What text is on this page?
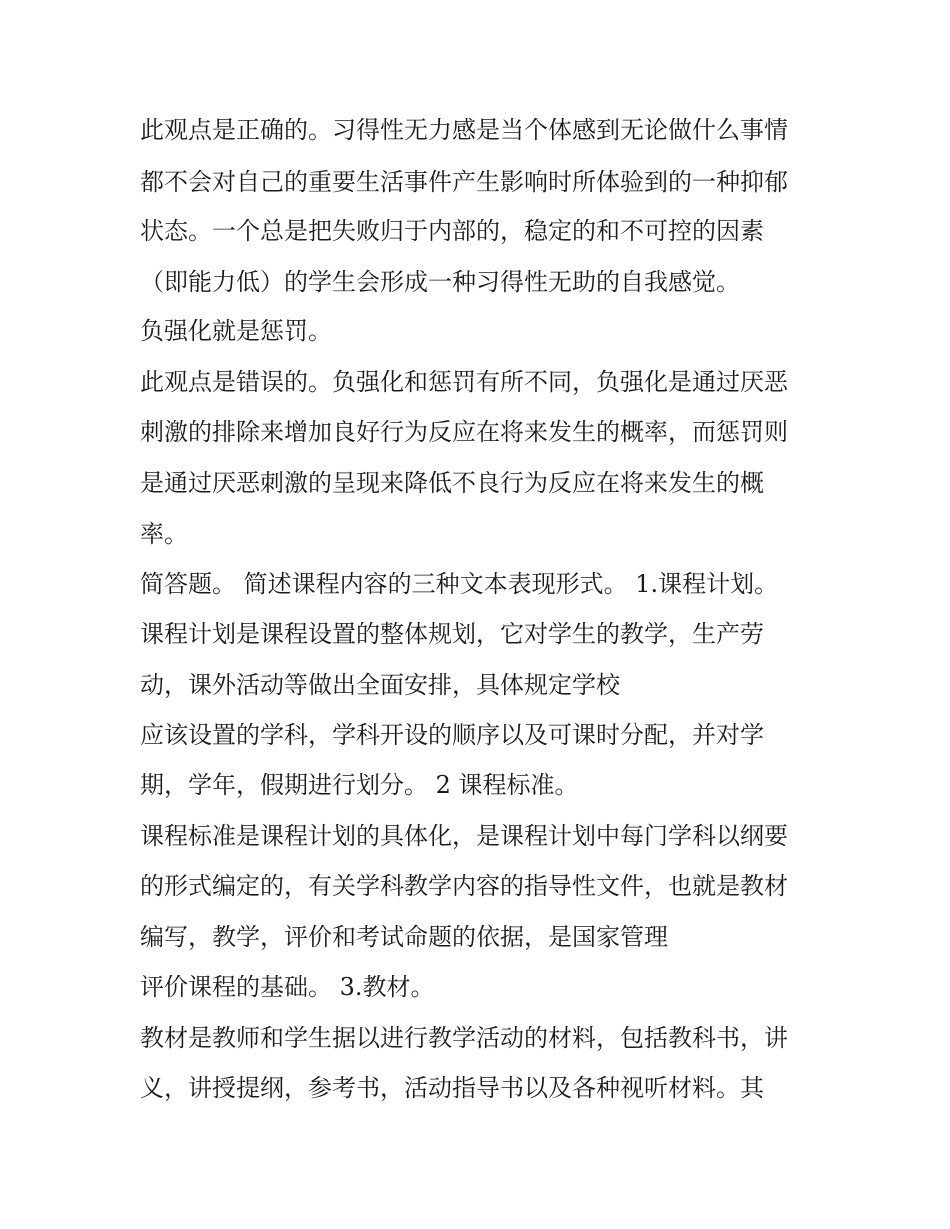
此观点是正确的。习得性无力感是当个体感到无论做什么事情
都不会对自己的重要生活事件产生影响时所体验到的一种抑郁
状态。一个总是把失败归于内部的，稳定的和不可控的因素
（即能力低）的学生会形成一种习得性无助的自我感觉。
负强化就是惩罚。
此观点是错误的。负强化和惩罚有所不同，负强化是通过厌恶
刺激的排除来增加良好行为反应在将来发生的概率，而惩罚则
是通过厌恶刺激的呈现来降低不良行为反应在将来发生的概
率。
简答题。 简述课程内容的三种文本表现形式。 1.课程计划。
课程计划是课程设置的整体规划，它对学生的教学，生产劳
动，课外活动等做出全面安排，具体规定学校
应该设置的学科，学科开设的顺序以及可课时分配，并对学
期，学年，假期进行划分。 2 课程标准。
课程标准是课程计划的具体化，是课程计划中每门学科以纲要
的形式编定的，有关学科教学内容的指导性文件，也就是教材
编写，教学，评价和考试命题的依据，是国家管理
评价课程的基础。 3.教材。
教材是教师和学生据以进行教学活动的材料，包括教科书，讲
义，讲授提纲，参考书，活动指导书以及各种视听材料。其
